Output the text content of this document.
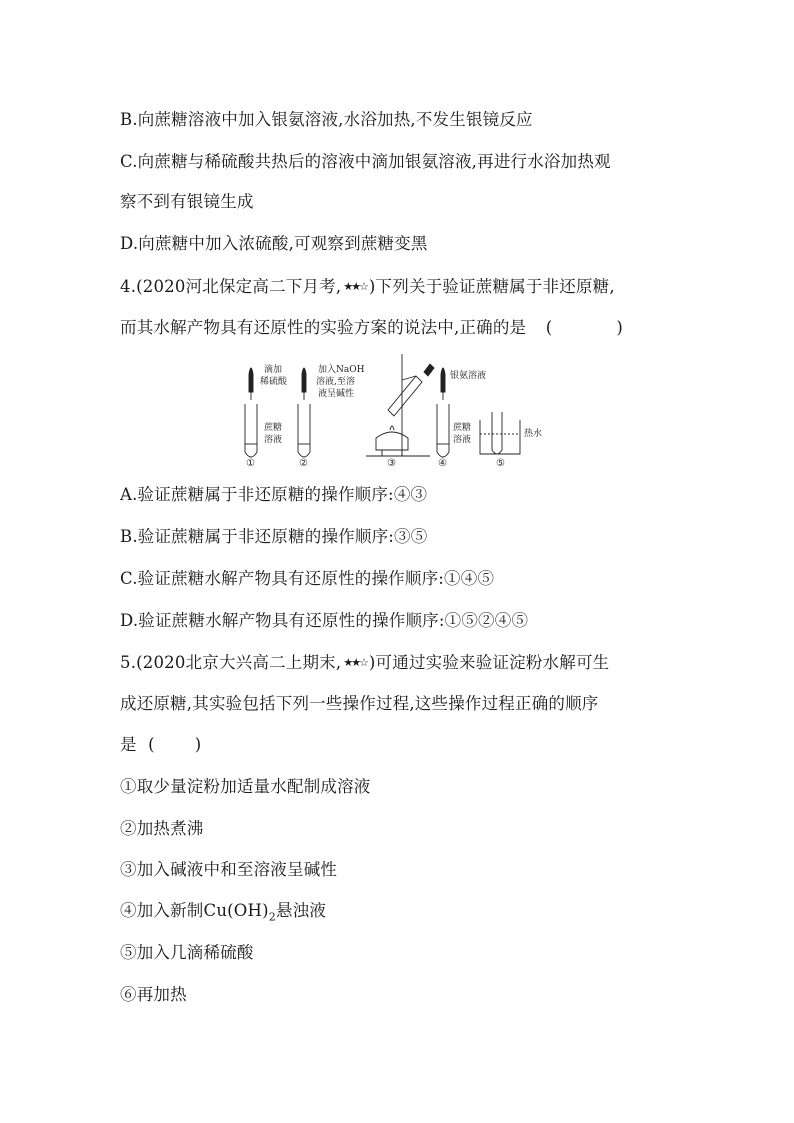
B.向蔗糖溶液中加入银氨溶液,水浴加热,不发生银镜反应
C.向蔗糖与稀硫酸共热后的溶液中滴加银氨溶液,再进行水浴加热观
察不到有银镜生成
D.向蔗糖中加入浓硫酸,可观察到蔗糖变黑
4.(2020河北保定高二下月考, ★★☆ )下列关于验证蔗糖属于非还原糖,
而其水解产物具有还原性的实验方案的说法中,正确的是 (	)
滴加
稀硫酸
蔗糖
溶液
加入NaOH
溶液,至溶
液呈碱性
银氨溶液
蔗糖
溶液
热水
①	②	③	④	⑤
A.验证蔗糖属于非还原糖的操作顺序:④③
B.验证蔗糖属于非还原糖的操作顺序:③⑤
C.验证蔗糖水解产物具有还原性的操作顺序:①④⑤
D.验证蔗糖水解产物具有还原性的操作顺序:①⑤②④⑤
5.(2020北京大兴高二上期末, ★★☆ )可通过实验来验证淀粉水解可生
成还原糖,其实验包括下列一些操作过程,这些操作过程正确的顺序
是 ( )
①取少量淀粉加适量水配制成溶液
②加热煮沸
③加入碱液中和至溶液呈碱性
④加入新制$Cu(OH)_2$悬浊液
⑤加入几滴稀硫酸
⑥再加热
